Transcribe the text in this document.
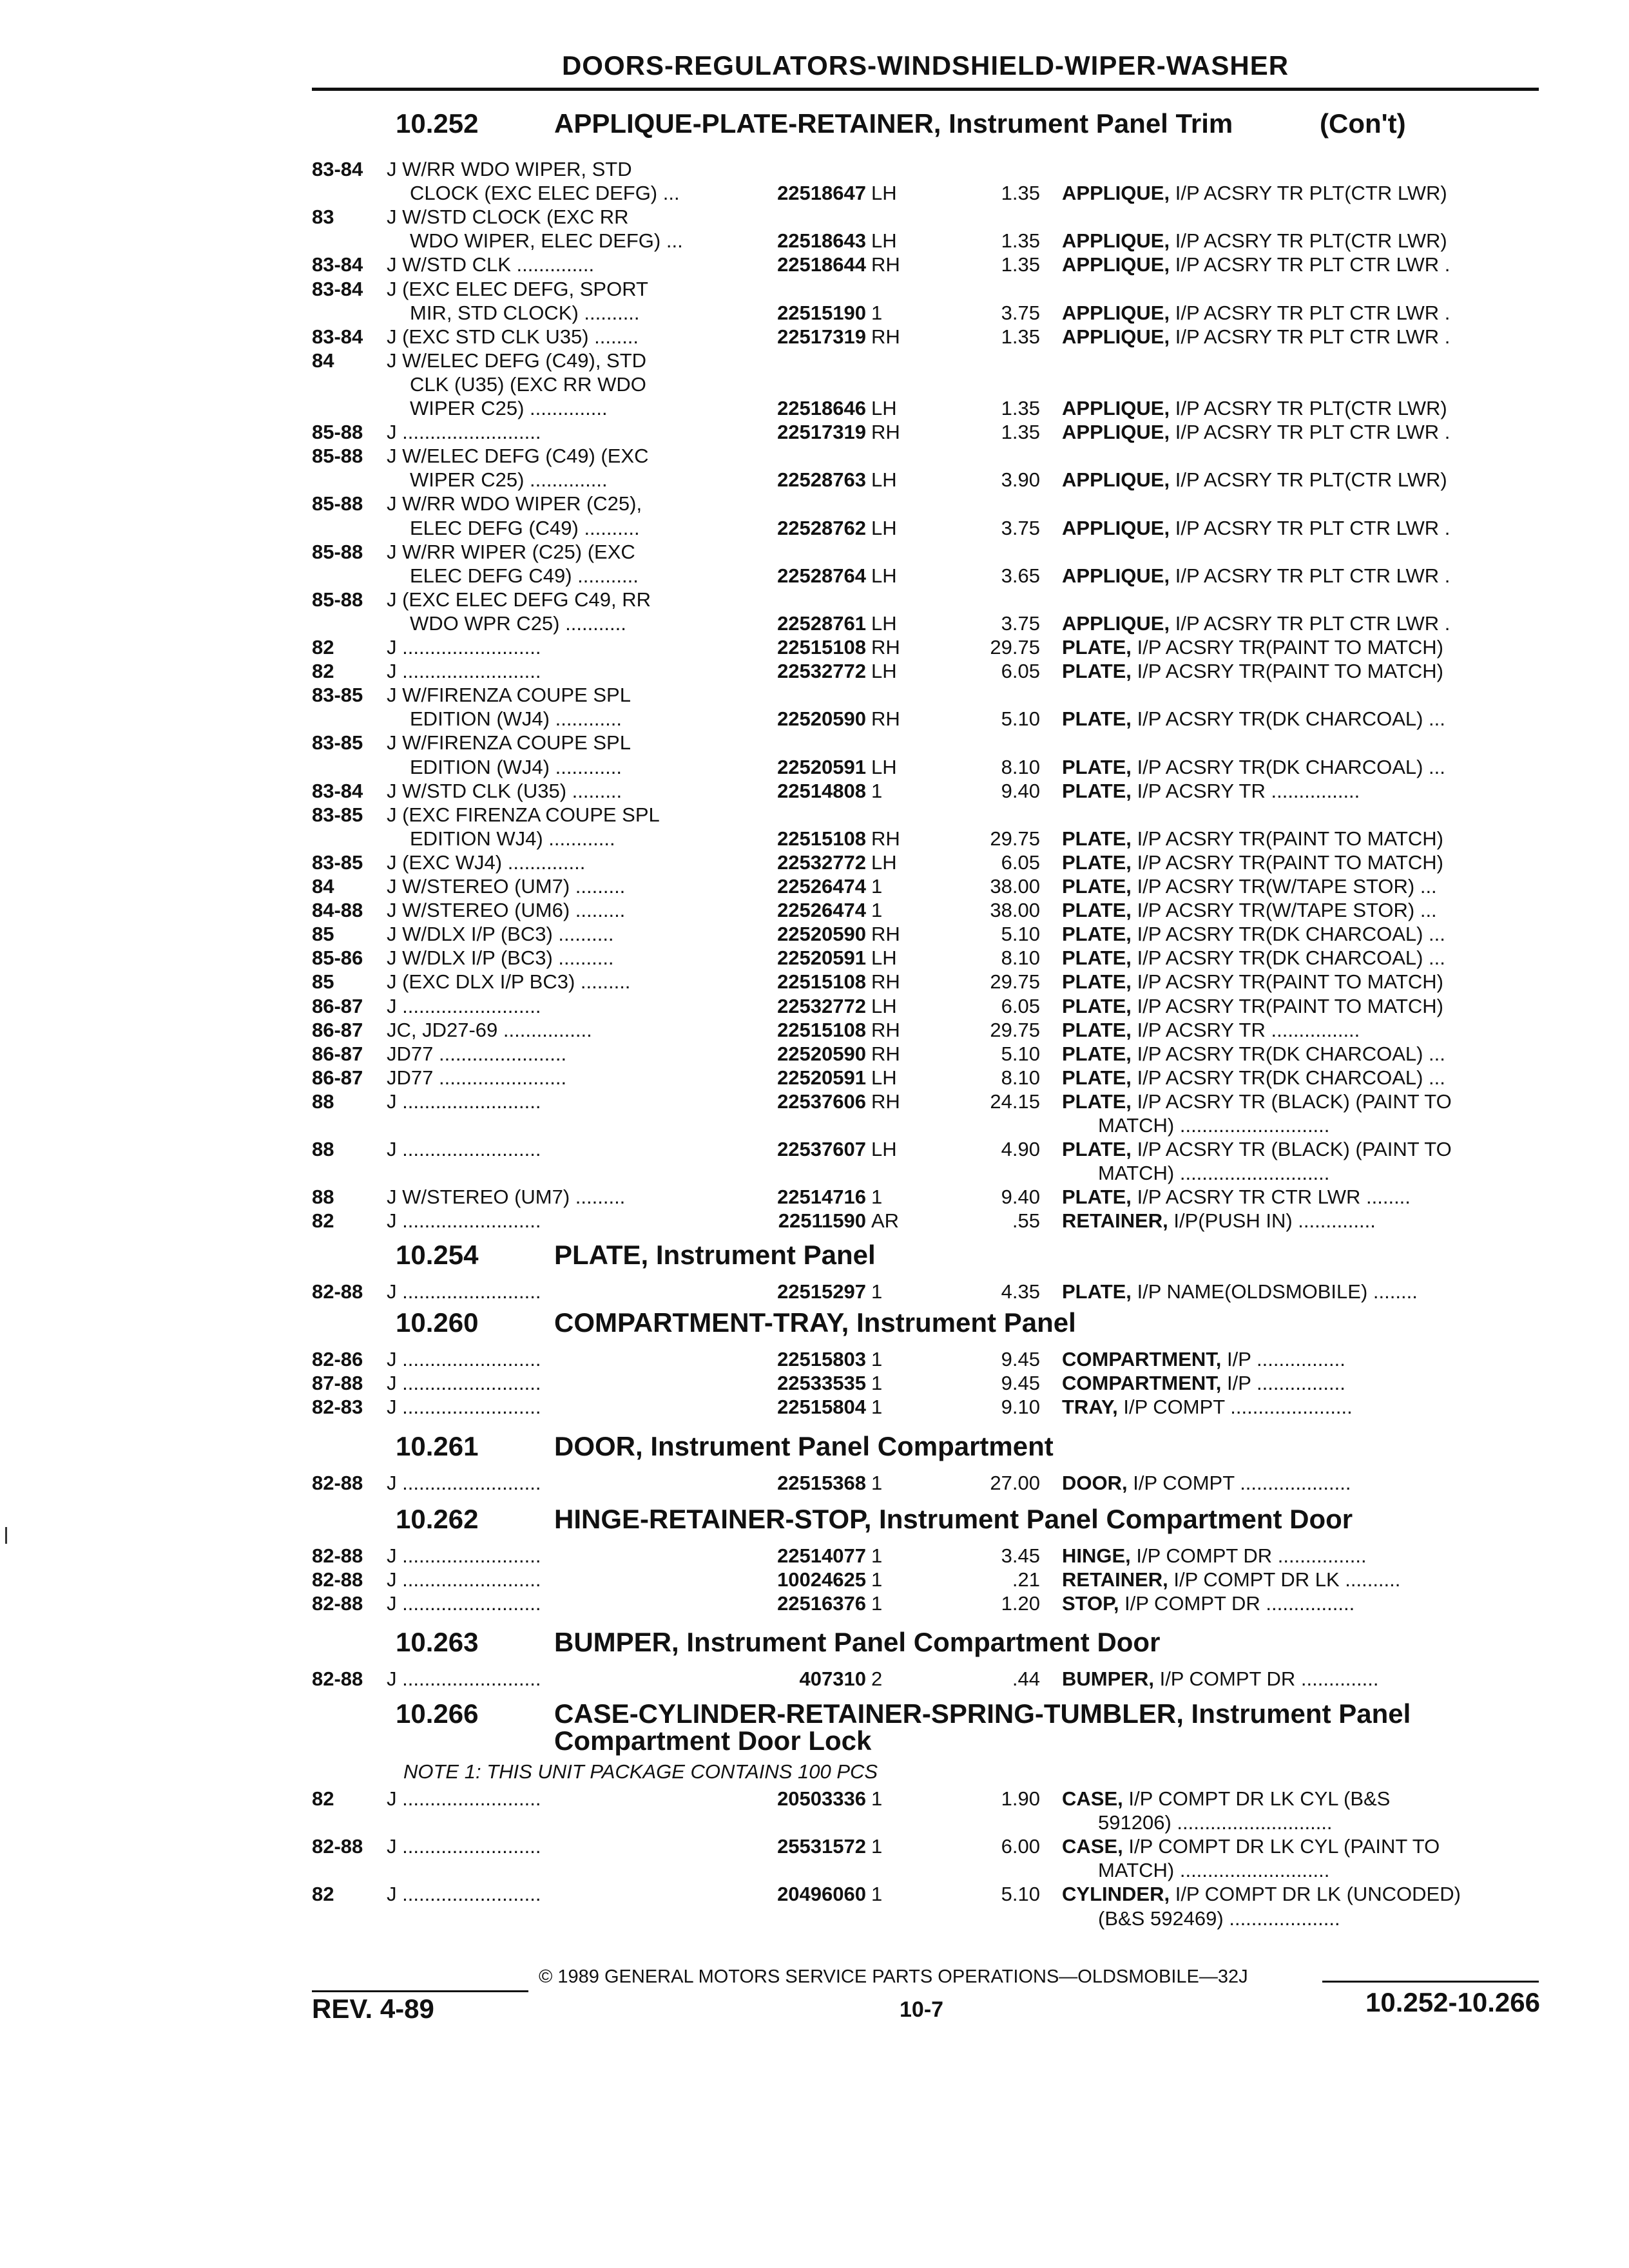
DOORS-REGULATORS-WINDSHIELD-WIPER-WASHER
10.252	APPLIQUE-PLATE-RETAINER, Instrument Panel Trim	(Con't)
83-84 J W/RR WDO WIPER, STD
CLOCK (EXC ELEC DEFG) ...	22518647 LH	1.35 APPLIQUE, I/P ACSRY TR PLT(CTR LWR)
83	J W/STD CLOCK (EXC RR
WDO WIPER, ELEC DEFG) ...	22518643 LH	1.35 APPLIQUE, I/P ACSRY TR PLT(CTR LWR)
83-84 J W/STD CLK ..............	22518644 RH	1.35 APPLIQUE, I/P ACSRY TR PLT CTR LWR .
83-84 J (EXC ELEC DEFG, SPORT
MIR, STD CLOCK) ..........	22515190 1	3.75 APPLIQUE, I/P ACSRY TR PLT CTR LWR .
83-84 J (EXC STD CLK U35) ........	22517319 RH	1.35 APPLIQUE, I/P ACSRY TR PLT CTR LWR .
84	J W/ELEC DEFG (C49), STD
CLK (U35) (EXC RR WDO
WIPER C25) ..............	22518646 LH	1.35 APPLIQUE, I/P ACSRY TR PLT(CTR LWR)
85-88 J .........................	22517319 RH	1.35 APPLIQUE, I/P ACSRY TR PLT CTR LWR .
85-88 J W/ELEC DEFG (C49) (EXC
WIPER C25) ..............	22528763 LH	3.90 APPLIQUE, I/P ACSRY TR PLT(CTR LWR)
85-88 J W/RR WDO WIPER (C25),
ELEC DEFG (C49) ..........	22528762 LH	3.75 APPLIQUE, I/P ACSRY TR PLT CTR LWR .
85-88 J W/RR WIPER (C25) (EXC
ELEC DEFG C49) ...........	22528764 LH	3.65 APPLIQUE, I/P ACSRY TR PLT CTR LWR .
85-88 J (EXC ELEC DEFG C49, RR
WDO WPR C25) ...........	22528761 LH	3.75 APPLIQUE, I/P ACSRY TR PLT CTR LWR .
82	J .........................	22515108 RH	29.75 PLATE, I/P ACSRY TR(PAINT TO MATCH)
82	J .........................	22532772 LH	6.05 PLATE, I/P ACSRY TR(PAINT TO MATCH)
83-85 J W/FIRENZA COUPE SPL
EDITION (WJ4) ............	22520590 RH	5.10 PLATE, I/P ACSRY TR(DK CHARCOAL) ...
83-85 J W/FIRENZA COUPE SPL
EDITION (WJ4) ............	22520591 LH	8.10 PLATE, I/P ACSRY TR(DK CHARCOAL) ...
83-84 J W/STD CLK (U35) .........	22514808 1	9.40 PLATE, I/P ACSRY TR ................
83-85 J (EXC FIRENZA COUPE SPL
EDITION WJ4) ............	22515108 RH	29.75 PLATE, I/P ACSRY TR(PAINT TO MATCH)
83-85 J (EXC WJ4) ..............	22532772 LH	6.05 PLATE, I/P ACSRY TR(PAINT TO MATCH)
84	J W/STEREO (UM7) .........	22526474 1	38.00 PLATE, I/P ACSRY TR(W/TAPE STOR) ...
84-88 J W/STEREO (UM6) .........	22526474 1	38.00 PLATE, I/P ACSRY TR(W/TAPE STOR) ...
85	J W/DLX I/P (BC3) ..........	22520590 RH	5.10 PLATE, I/P ACSRY TR(DK CHARCOAL) ...
85-86 J W/DLX I/P (BC3) ..........	22520591 LH	8.10 PLATE, I/P ACSRY TR(DK CHARCOAL) ...
85	J (EXC DLX I/P BC3) .........	22515108 RH	29.75 PLATE, I/P ACSRY TR(PAINT TO MATCH)
86-87 J .........................	22532772 LH	6.05 PLATE, I/P ACSRY TR(PAINT TO MATCH)
86-87 JC, JD27-69 ................	22515108 RH	29.75 PLATE, I/P ACSRY TR ................
86-87 JD77 .......................	22520590 RH	5.10 PLATE, I/P ACSRY TR(DK CHARCOAL) ...
86-87 JD77 .......................	22520591 LH	8.10 PLATE, I/P ACSRY TR(DK CHARCOAL) ...
88	J .........................	22537606 RH	24.15 PLATE, I/P ACSRY TR (BLACK) (PAINT TO
MATCH) ...........................
88	J .........................	22537607 LH	4.90 PLATE, I/P ACSRY TR (BLACK) (PAINT TO
MATCH) ...........................
88	J W/STEREO (UM7) .........	22514716 1	9.40 PLATE, I/P ACSRY TR CTR LWR ........
82	J .........................	22511590 AR	.55 RETAINER, I/P(PUSH IN) ..............
10.254	PLATE, Instrument Panel
82-88 J .........................	22515297 1	4.35 PLATE, I/P NAME(OLDSMOBILE) ........
10.260	COMPARTMENT-TRAY, Instrument Panel
82-86 J .........................	22515803 1	9.45 COMPARTMENT, I/P ................
87-88 J .........................	22533535 1	9.45 COMPARTMENT, I/P ................
82-83 J .........................	22515804 1	9.10 TRAY, I/P COMPT ......................
10.261	DOOR, Instrument Panel Compartment
82-88 J .........................	22515368 1	27.00 DOOR, I/P COMPT ....................
10.262	HINGE-RETAINER-STOP, Instrument Panel Compartment Door
82-88 J .........................	22514077 1	3.45 HINGE, I/P COMPT DR ................
82-88 J .........................	10024625 1	.21 RETAINER, I/P COMPT DR LK ..........
82-88 J .........................	22516376 1	1.20 STOP, I/P COMPT DR ................
10.263	BUMPER, Instrument Panel Compartment Door
82-88 J .........................	407310 2	.44 BUMPER, I/P COMPT DR ..............
10.266	CASE-CYLINDER-RETAINER-SPRING-TUMBLER, Instrument Panel
Compartment Door Lock
NOTE 1: THIS UNIT PACKAGE CONTAINS 100 PCS
82	J .........................	20503336 1	1.90 CASE, I/P COMPT DR LK CYL (B&S
591206) ............................
82-88 J .........................	25531572 1	6.00 CASE, I/P COMPT DR LK CYL (PAINT TO
MATCH) ...........................
82	J .........................	20496060 1	5.10 CYLINDER, I/P COMPT DR LK (UNCODED)
(B&S 592469) ....................
© 1989 GENERAL MOTORS SERVICE PARTS OPERATIONS—OLDSMOBILE—32J
REV. 4-89	10-7	10.252-10.266
